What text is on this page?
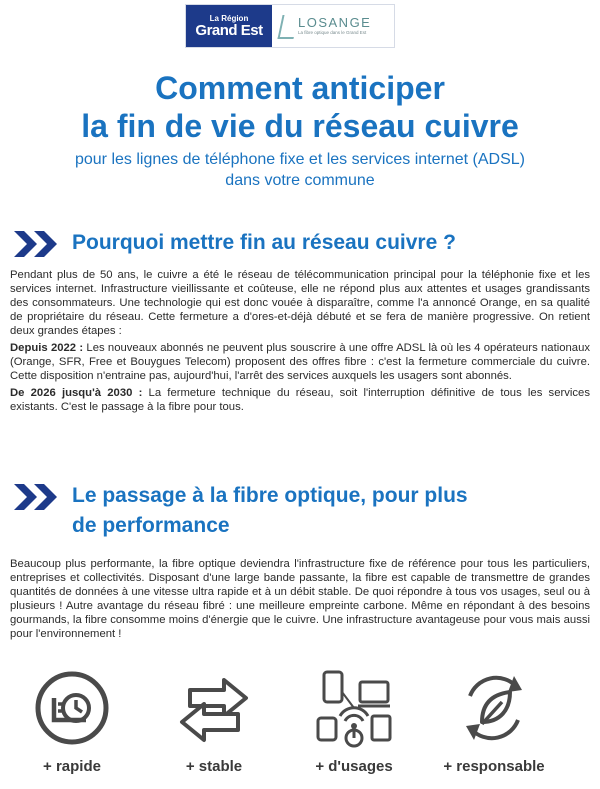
La Région
Grand Est	LOSANGE
La fibre optique dans le Grand Est
Comment anticiper
la fin de vie du réseau cuivre
pour les lignes de téléphone fixe et les services internet (ADSL)
dans votre commune
Pourquoi mettre fin au réseau cuivre ?

Pendant plus de 50 ans, le cuivre a été le réseau de télécommunication principal pour la téléphonie fixe et les services internet. Infrastructure vieillissante et coûteuse, elle ne répond plus aux attentes et usages grandissants des consommateurs. Une technologie qui est donc vouée à disparaître, comme l'a annoncé Orange, en sa qualité de propriétaire du réseau. Cette fermeture a d'ores-et-déjà débuté et se fera de manière progressive. On retient deux grandes étapes :

Depuis 2022 : Les nouveaux abonnés ne peuvent plus souscrire à une offre ADSL là où les 4 opérateurs nationaux (Orange, SFR, Free et Bouygues Telecom) proposent des offres fibre : c'est la fermeture commerciale du cuivre. Cette disposition n'entraine pas, aujourd'hui, l'arrêt des services auxquels les usagers sont abonnés.

De 2026 jusqu'à 2030 : La fermeture technique du réseau, soit l'interruption définitive de tous les services existants. C'est le passage à la fibre pour tous.

Le passage à la fibre optique, pour plus
de performance

Beaucoup plus performante, la fibre optique deviendra l'infrastructure fixe de référence pour tous les particuliers, entreprises et collectivités. Disposant d'une large bande passante, la fibre est capable de transmettre de grandes quantités de données à une vitesse ultra rapide et à un débit stable. De quoi répondre à tous vos usages, seul ou à plusieurs ! Autre avantage du réseau fibré : une meilleure empreinte carbone. Même en répondant à des besoins gourmands, la fibre consomme moins d'énergie que le cuivre. Une infrastructure avantageuse pour vous mais aussi pour l'environnement !

+ rapide	+ stable	+ d'usages	+ responsable
